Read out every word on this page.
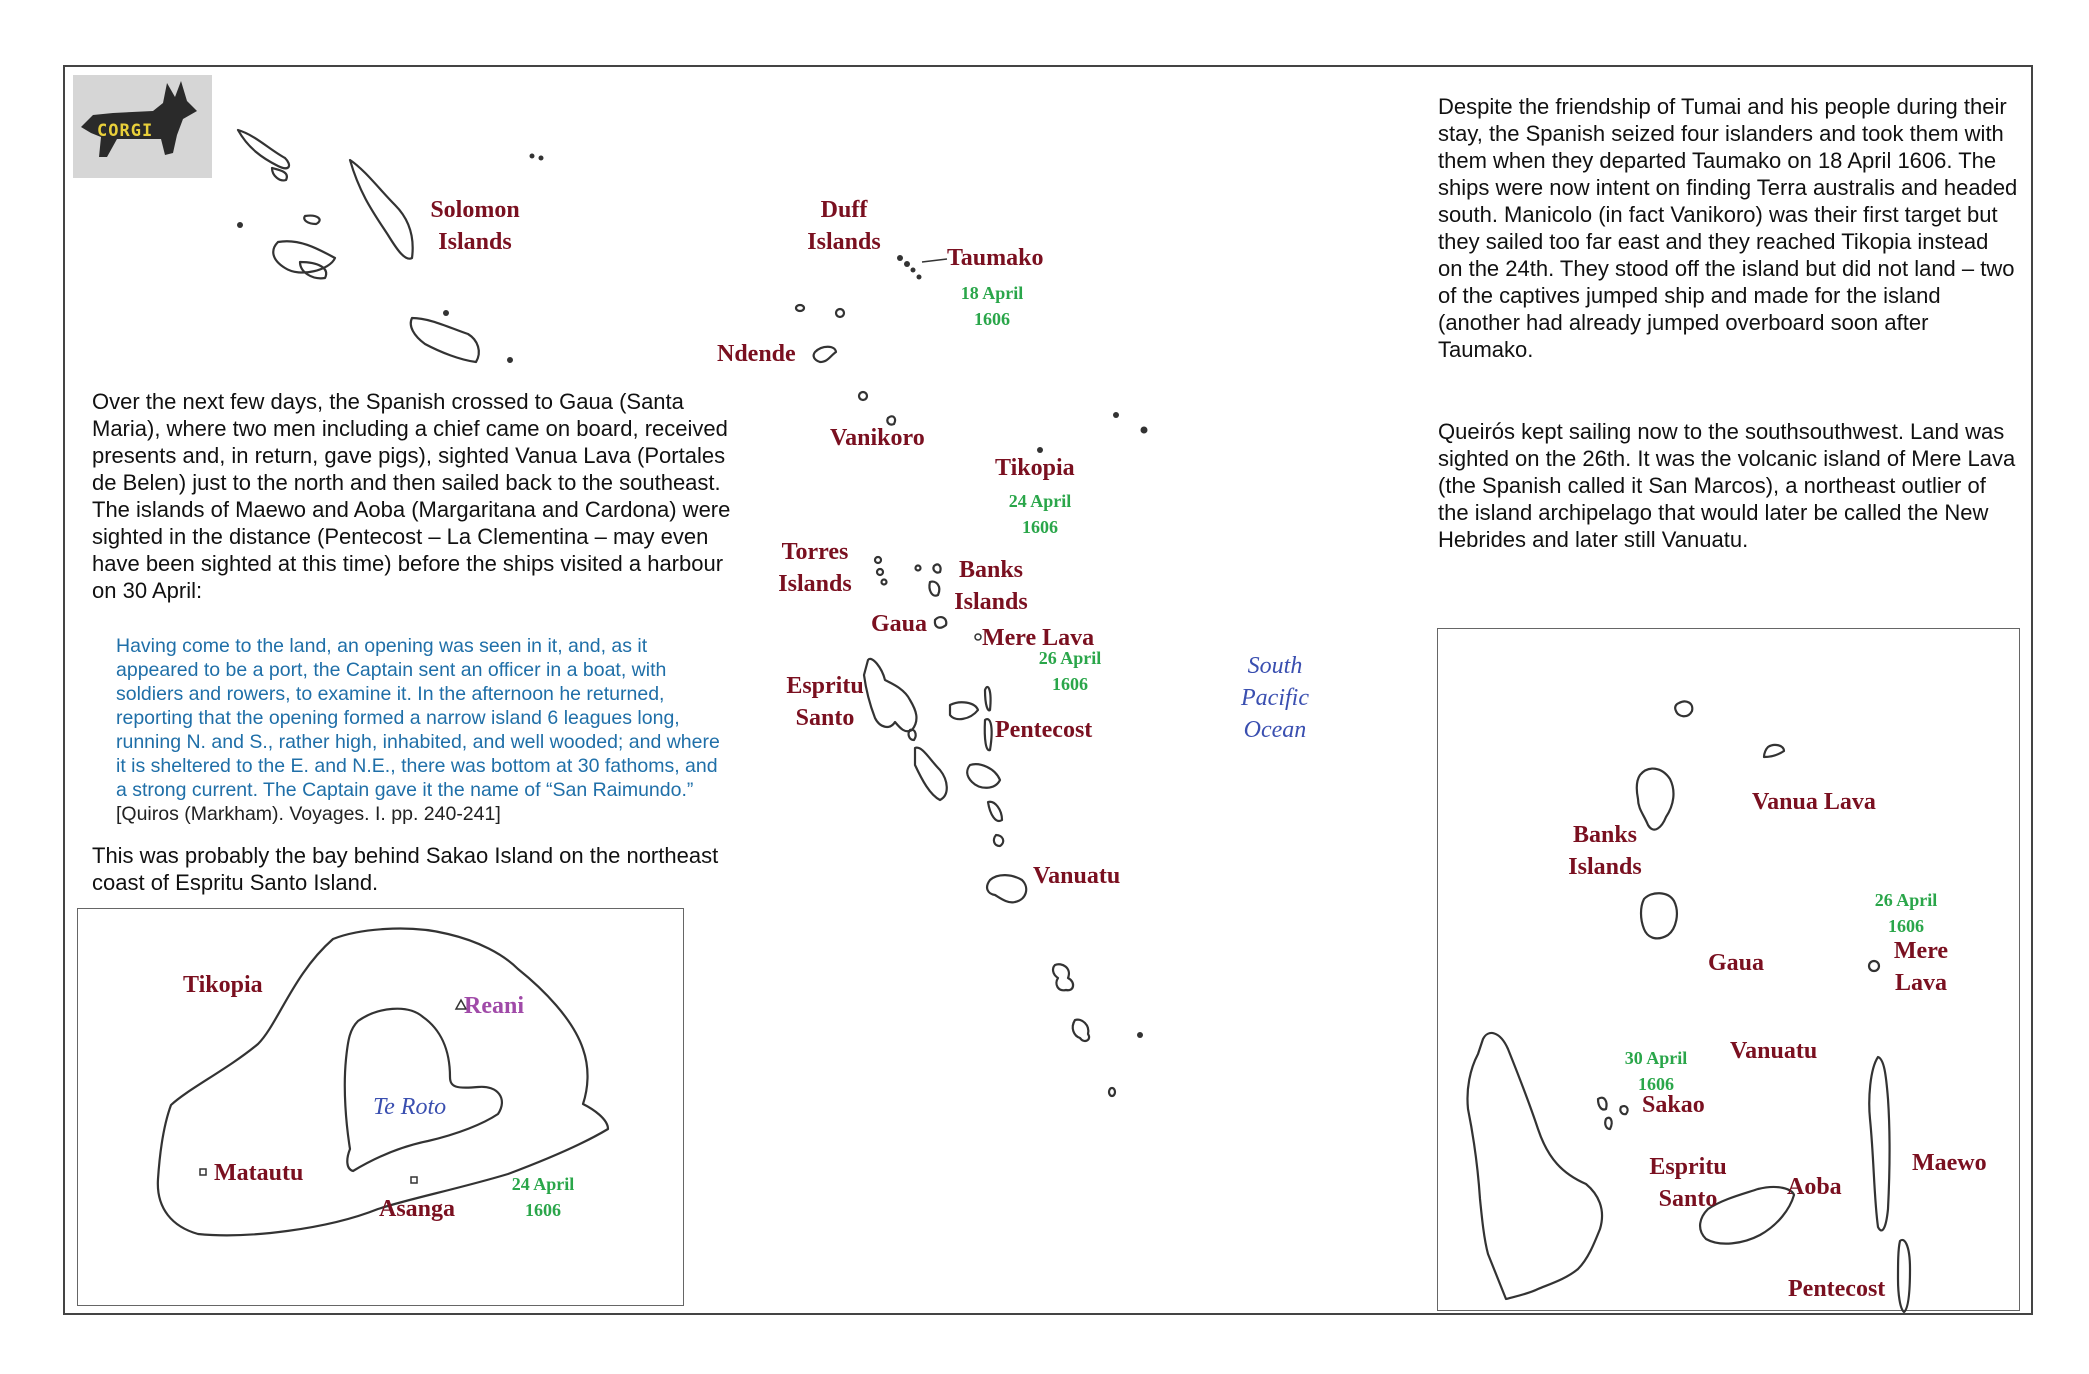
CORGI
Solomon Islands
Duff Islands
Taumako
18 April 1606
Ndende
Vanikoro
Tikopia
24 April 1606
Torres Islands
Banks Islands
Gaua
Mere Lava
26 April 1606
Espritu Santo	Pentecost
Vanuatu
South Pacific Ocean
Over the next few days, the Spanish crossed to Gaua (Santa Maria), where two men including a chief came on board, received presents and, in return, gave pigs), sighted Vanua Lava (Portales de Belen) just to the north and then sailed back to the southeast. The islands of Maewo and Aoba (Margaritana and Cardona) were sighted in the distance (Pentecost – La Clementina – may even have been sighted at this time) before the ships visited a harbour on 30 April:
Having come to the land, an opening was seen in it, and, as it appeared to be a port, the Captain sent an officer in a boat, with soldiers and rowers, to examine it. In the afternoon he returned, reporting that the opening formed a narrow island 6 leagues long, running N. and S., rather high, inhabited, and well wooded; and where it is sheltered to the E. and N.E., there was bottom at 30 fathoms, and a strong current. The Captain gave it the name of “San Raimundo.” [Quiros (Markham). Voyages. I. pp. 240-241]
This was probably the bay behind Sakao Island on the northeast coast of Espritu Santo Island.
Despite the friendship of Tumai and his people during their stay, the Spanish seized four islanders and took them with them when they departed Taumako on 18 April 1606. The ships were now intent on finding Terra australis and headed south. Manicolo (in fact Vanikoro) was their first target but they sailed too far east and they reached Tikopia instead on the 24th. They stood off the island but did not land – two of the captives jumped ship and made for the island (another had already jumped overboard soon after Taumako.
Queirós kept sailing now to the southsouthwest. Land was sighted on the 26th. It was the volcanic island of Mere Lava (the Spanish called it San Marcos), a northeast outlier of the island archipelago that would later be called the New Hebrides and later still Vanuatu.
Tikopia
Reani
Te Roto
Matautu
Asanga
24 April 1606
Vanua Lava
Banks Islands
26 April 1606
Gaua	Mere Lava
Vanuatu
30 April 1606
Sakao
Espritu Santo	Aoba
Maewo
Pentecost
